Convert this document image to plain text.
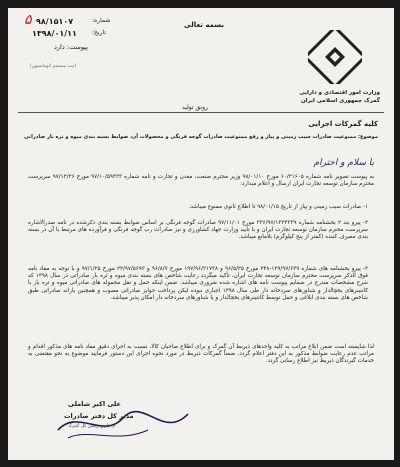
۵	شماره:
۹۸/۱۵۱۰۷
تاریخ:
۱۳۹۸/۰۱/۱۱
پیوست: دارد
(ثبت سیستم اتوماسیون)
بسمه تعالی
وزارت امور اقتصادی و دارایی
گمرک جمهوری اسلامی ایران
رونق تولید
کلیه گمرکات اجرایی
موضوع: ممنوعیت صادرات سیب زمینی و پیاز و رفع ممنوعیت صادرات گوجه فرنگی و محصولات آن، ضوابط بسته بندی میوه و تره بار صادراتی
با سلام و احترام
به پیوست تصویر نامه شماره ۶۰/۲۱۶۰۵ مورخ ۹۸/۰۱/۱۰ وزیر محترم صنعت، معدن و تجارت و نامه شماره ۹۷/۱۰/۵۹۴۳۳ مورخ ۹۷/۱۲/۲۶ سرپرست محترم سازمان توسعه تجارت ایران ارسال و اعلام میدارد:
۱- صادرات سیب زمینی و پیاز از تاریخ ۹۸/۰۱/۱۵ تا اطلاع ثانوی ممنوع میباشد.
۲- پیرو بند ۲ بخشنامه شماره ۳۳۶/۹۷/۱۳۲۴۳۳۹ مورخ ۹۷/۱۱/۰۱ صادرات گوجه فرنگی بر اساس ضوابط بسته بندی ذکرشده در نامه صدرالاشاره سرپرست محترم سازمان توسعه تجارت ایران و با تأیید وزارت جهاد کشاورزی و نیز صادرات رب گوجه فرنگی و فرآورده های مرتبط با آن در بسته بندی مصرف کننده (کمتر از پنج کیلوگرم) بلامانع میباشد.
۳- پیرو بخشنامه های شماره ۱۲۹/۹۷/۶۳۹-۲۴۸ مورخ ۹۶/۵/۲۵ و ۱۹۷/۹۶/۲۱۷۳۸ مورخ ۹۶/۸/۷ و ۲۲/۹۷/۵۶۹۳ مورخ ۹۷/۱/۲۵ و با توجه به مفاد نامه فوق الذکر سرپرست محترم سازمان توسعه تجارت ایران، تأکید میگردد رعایت شاخص های بسته بندی میوه و تره بار صادراتی در سال ۱۳۹۸ که شرح مشخصات مندرج در ضمایم پیوست نامه های اشاره شده ضروری میباشد. ضمن اینکه حمل و نقل محموله های صادراتی میوه و تره بار با کانتینرهای یخچالدار و شناورهای سردخانه دار طی سال ۱۳۹۸ اجباری نبوده لیکن پرداخت جوایز صادراتی مصوب و همچنین یارانه صادراتی طبق شاخص های بسته بندی ابلاغی و حمل توسط کانتینرهای یخچالدار و یا شناورهای سردخانه دار امکان پذیر میباشد.
لذا شایسته است ضمن ابلاغ مراتب به کلیه واحدهای ذیربط آن گمرک و برای اطلاع صاحبان کالا، نسبت به اجرای دقیق مفاد نامه های مذکور اقدام و مراتب عدم رعایت ضوابط مذکور به این دفتر اعلام گردد. ضمناً گمرکات ذیربط در مورد نحوه اجرای این دستور فرمایید موضوع به نحو مقتضی به خدمات گیرندگان ذیربط نیز اطلاع رسانی گردد.
علی اکبر شاملی
مدیر کل دفتر صادرات
از طرف رئیس کل گمرک
